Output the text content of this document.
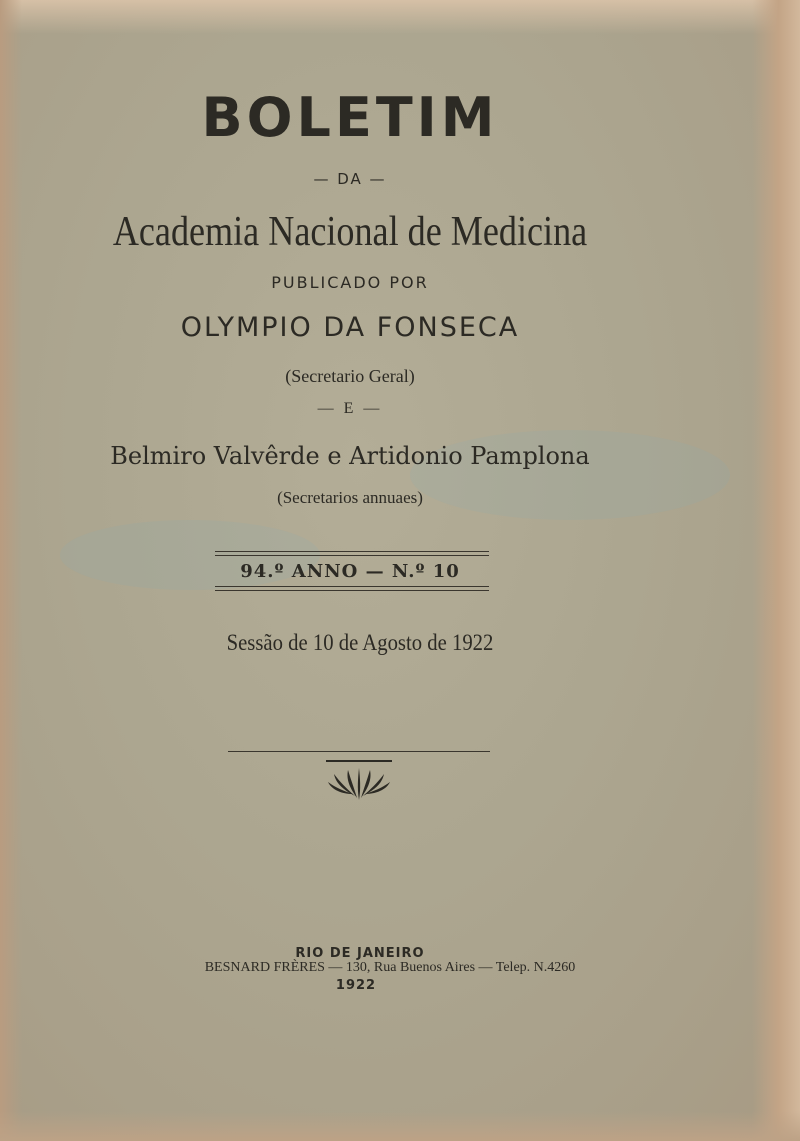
BOLETIM
— DA —
Academia Nacional de Medicina
PUBLICADO POR
OLYMPIO DA FONSECA
(Secretario Geral)
— E —
Belmiro Valvêrde e Artidonio Pamplona
(Secretarios annuaes)
94.º ANNO — N.º 10
Sessão de 10 de Agosto de 1922
RIO DE JANEIRO
BESNARD FRÈRES — 130, Rua Buenos Aires — Telep. N.4260
1922
